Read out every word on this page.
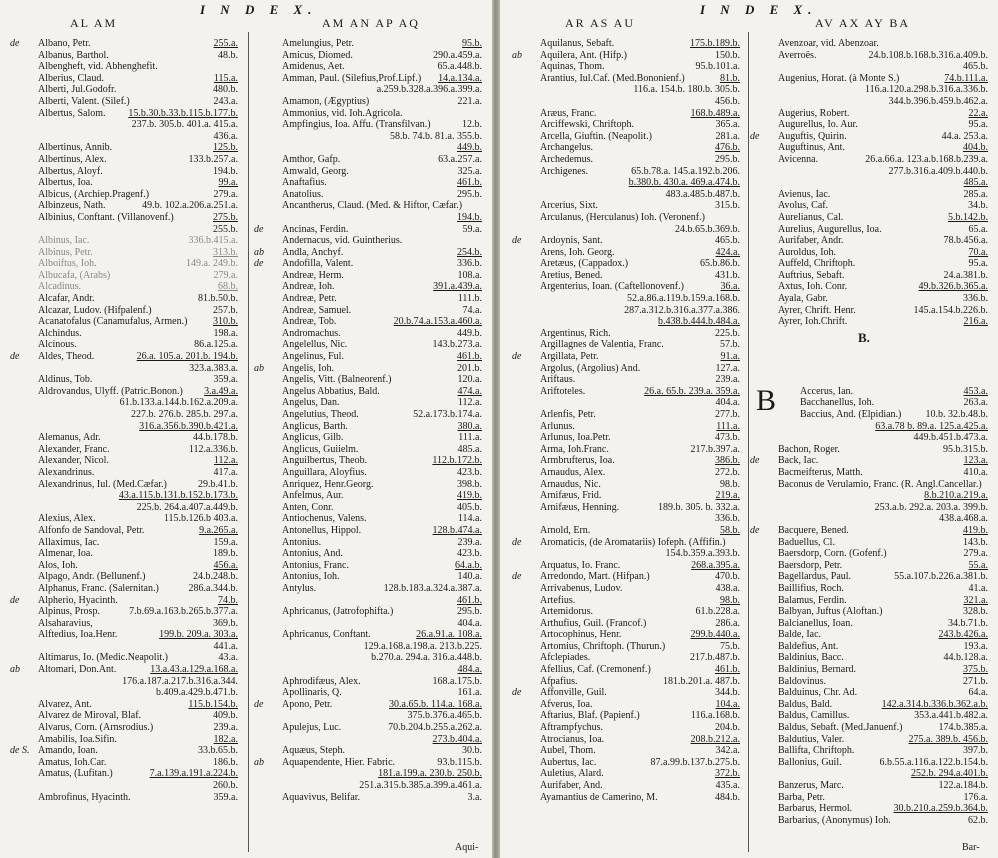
I N D E X.
AL AM	AM AN AP AQ
de	Albano, Petr.	255.a.
Albanus, Barthol.	48.b.
Albengheft, vid. Abhenghefit.
Alberius, Claud.	115.a.
Alberti, Jul.Godofr.	480.b.
Alberti, Valent. (Silef.)	243.a.
Albertus, Salom. 15.b.30.b.33.b.115.b.177.b.
237.b. 305.b. 401.a. 415.a.
436.a.
Albertinus, Annib.	125.b.
Albertinus, Alex.	133.b.257.a.
Albertus, Aloyf.	194.b.
Albertus, Ioa.	99.a.
Albicus, (Archiep.Pragenf.)	279.a.
Albinzeus, Nath.	49.b. 102.a.206.a.251.a.
Albinius, Conftant. (Villanovenf.)	275.b.
255.b.
Albinus, Iac.	336.b.415.a.
Albinus, Petr.	313.b.
Alboiftus, Ioh.	149.a. 249.b.
Albucafa, (Arabs)	279.a.
Alcadinus.	68.b.
Alcafar, Andr.	81.b.50.b.
Alcazar, Ludov. (Hifpalenf.)	257.b.
Acanatofalus (Canamufalus, Armen.)	310.b.
Alchindus.	198.a.
Alcinous.	86.a.125.a.
de	Aldes, Theod.	26.a. 105.a. 201.b. 194.b.
323.a.383.a.
Aldinus, Tob.	359.a.
Aldrovandus, Ulyff. (Patric.Bonon.) 3.a.49.a.
61.b.133.a.144.b.162.a.209.a.
227.b. 276.b. 285.b. 297.a.
316.a.356.b.390.b.421.a.
Alemanus, Adr.	44.b.178.b.
Alexander, Franc.	112.a.336.b.
Alexander, Nicol.	112.a.
Alexandrinus.	417.a.
Alexandrinus, Iul. (Med.Cæfar.)	29.b.41.b.
43.a.115.b.131.b.152.b.173.b.
225.b. 264.a.407.a.449.b.
Alexius, Alex.	115.b.126.b 403.a.
Alfonfo de Sandoval, Petr.	9.a.265.a.
Allaximus, Iac.	159.a.
Almenar, Ioa.	189.b.
Alos, Ioh.	456.a.
Alpago, Andr. (Bellunenf.)	24.b.248.b.
Alphanus, Franc. (Salernitan.)	286.a.344.b.
de	Alpherio, Hyacinth.	74.b.
Alpinus, Prosp.	7.b.69.a.163.b.265.b.377.a.
Alsaharavius,	369.b.
Alftedius, Ioa.Henr.	199.b. 209.a. 303.a.
441.a.
Altimarus, Io. (Medic.Neapolit.)	43.a.
ab	Altomari, Don.Ant.	13.a.43.a.129.a.168.a.
176.a.187.a.217.b.316.a.344.
b.409.a.429.b.471.b.
Alvarez, Ant.	115.b.154.b.
Alvarez de Miroval, Blaf.	409.b.
Alvarus, Corn. (Arnsrodius.)	239.a.
Amabilis, Ioa.Sifin.	182.a.
de S. Amando, Ioan.	33.b.65.b.
Amatus, Ioh.Car.	186.b.
Amatus, (Lufitan.)	7.a.139.a.191.a.224.b.
260.b.
Ambrofinus, Hyacinth.	359.a.
Amelungius, Petr.	95.b.
Amicus, Diomed.	290.a.459.a.
Amidenus, Aet.	65.a.448.b.
Amman, Paul. (Silefius,Prof.Lipf.) 14.a.134.a.
a.259.b.328.a.396.a.399.a.
Amamon, (Ægyptius)	221.a.
Ammonius, vid. Ioh.Agricola.
Ampfingius, Ioa. Affu. (Transfilvan.)	12.b.
58.b. 74.b. 81.a. 355.b.
449.b.
Amthor, Gafp.	63.a.257.a.
Amwald, Georg.	325.a.
Anaftafius.	461.b.
Anatolius.	295.b.
Ancantherus, Claud. (Med. & Hiftor, Cæfar.)
194.b.
de	Ancinas, Ferdin.	59.a.
Andernacus, vid. Guintherius.
ab	Andla, Anchyf.	254.b.
de	Andofilla, Valent.	336.b.
Andreæ, Herm.	108.a.
Andreæ, Ioh.	391.a.439.a.
Andreæ, Petr.	111.b.
Andreæ, Samuel.	74.a.
Andreæ, Tob.	20.b.74.a.153.a.460.a.
Andromachus.	449.b.
Angelellus, Nic.	143.b.273.a.
Angelinus, Ful.	461.b.
ab	Angelis, Ioh.	201.b.
Angelis, Vitt. (Balneorenf.)	120.a.
Angelus Abbatius, Bald.	474.a.
Angelus, Dan.	112.a.
Angelutius, Theod.	52.a.173.b.174.a.
Anglicus, Barth.	380.a.
Anglicus, Gilb.	111.a.
Anglicus, Guiielm.	485.a.
Anguilbertus, Theob.	112.b.172.b.
Anguillara, Aloyfius.	423.b.
Anriquez, Henr.Georg.	398.b.
Anfelmus, Aur.	419.b.
Anten, Conr.	405.b.
Antiochenus, Valens.	114.a.
Antonellus, Hippol.	128.b.474.a.
Antonius.	239.a.
Antonius, And.	423.b.
Antonius, Franc.	64.a.b.
Antonius, Ioh.	140.a.
Antylus.	128.b.183.a.324.a.387.a.
461.b.
Aphricanus, (Jatrofophifta.)	295.b.
404.a.
Aphricanus, Conftant.	26.a.91.a. 108.a.
129.a.168.a.198.a. 213.b.225.
b.270.a. 294.a. 316.a.448.b.
484.a.
Aphrodifæus, Alex.	168.a.175.b.
Apollinaris, Q.	161.a.
de	Apono, Petr.	30.a.65.b. 114.a. 168.a.
375.b.376.a.465.b.
Apulejus, Luc.	70.b.204.b.255.a.262.a.
273.b.404.a.
Aquæus, Steph.	30.b.
ab	Aquapendente, Hier. Fabric.	93.b.115.b.
181.a.199.a. 230.b. 250.b.
251.a.315.b.385.a.399.a.461.a.
Aquavivus, Belifar.	3.a.
Aqui-
I N D E X.
AR AS AU	AV AX AY BA
Aquilanus, Sebaft.	175.b.189.b.
ab	Aquilera, Ant. (Hifp.)	150.b.
Aquinas, Thom.	95.b.101.a.
Arantius, Iul.Caf. (Med.Bononienf.)	81.b.
116.a. 154.b. 180.b. 305.b.
456.b.
Aræus, Franc.	168.b.489.a.
Arciffewski, Chriftoph.	365.a.
Arcella, Giuftin. (Neapolit.)	281.a.
Archangelus.	476.b.
Archedemus.	295.b.
Archigenes.	65.b.78.a. 145.a.192.b.206.
b.380.b. 430.a. 469.a.474.b.
483.a.485.b.487.b.
Arcerius, Sixt.	315.b.
Arculanus, (Herculanus) Ioh. (Veronenf.)
24.b.65.b.369.b.
de	Ardoynis, Sant.	465.b.
Arens, Ioh. Georg.	424.a.
Aretæus, (Cappadox.)	65.b.86.b.
Aretius, Bened.	431.b.
Argenterius, Ioan. (Caftellonovenf.)	36.a.
52.a.86.a.119.b.159.a.168.b.
287.a.312.b.316.a.377.a.386.
b.438.b.444.b.484.a.
Argentinus, Rich.	225.b.
Argillagnes de Valentia, Franc.	57.b.
de	Argillata, Petr.	91.a.
Argolus, (Argolius) And.	127.a.
Ariftaus.	239.a.
Ariftoteles.	26.a. 65.b. 239.a. 359.a.
404.a.
Arlenfis, Petr.	277.b.
Arlunus.	111.a.
Arlunus, Ioa.Petr.	473.b.
Arma, Ioh.Franc.	217.b.397.a.
Armbrufterus, Ioa.	386.b.
Arnaudus, Alex.	272.b.
Arnaudus, Nic.	98.b.
Arnifæus, Frid.	219.a.
Arnifæus, Henning.	189.b. 305. b. 332.a.
336.b.
Arnold, Ern.	58.b.
de	Aromaticis, (de Aromatariis) Iofeph. (Affifin.)
154.b.359.a.393.b.
Arquatus, Io. Franc.	268.a.395.a.
de	Arredondo, Mart. (Hifpan.)	470.b.
Arrivabenus, Ludov.	438.a.
Artefius.	98.b.
Artemidorus.	61.b.228.a.
Arthufius, Guil. (Francof.)	286.a.
Artocophinus, Henr.	299.b.440.a.
Artomius, Chriftoph. (Thurun.)	75.b.
Afclepiades.	217.b.487.b.
Afellius, Caf. (Cremonenf.)	461.b.
Afpafius.	181.b.201.a. 487.b.
de	Affonville, Guil.	344.b.
Afverus, Ioa.	104.a.
Aftarius, Blaf. (Papienf.)	116.a.168.b.
Aftrampfychus.	204.b.
Atrocianus, Ioa.	208.b.212.a.
Aubel, Thom.	342.a.
Aubertus, Iac.	87.a.99.b.137.b.275.b.
Auletius, Alard.	372.b.
Aurifaber, And.	435.a.
Ayamantius de Camerino, M.	484.b.
Avenzoar, vid. Abenzoar.
Averroës.	24.b.108.b.168.b.316.a.409.b.
465.b.
Augenius, Horat. (à Monte S.)	74.b.111.a.
116.a.120.a.298.b.316.a.336.b.
344.b.396.b.459.b.462.a.
Augerius, Robert.	22.a.
Augurellus, Io. Aur.	95.a.
de	Auguftis, Quirin.	44.a. 253.a.
Auguftinus, Ant.	404.b.
Avicenna.	26.a.66.a. 123.a.b.168.b.239.a.
277.b.316.a.409.b.440.b.
485.a.
Avienus, Iac.	285.a.
Avolus, Caf.	34.b.
Aurelianus, Cal.	5.b.142.b.
Aurelius, Augurellus, Ioa.	65.a.
Aurifaber, Andr.	78.b.456.a.
Auroldus, Ioh.	70.a.
Auffeld, Chriftoph.	95.a.
Auftrius, Sebaft.	24.a.381.b.
Axtus, Ioh. Conr.	49.b.326.b.365.a.
Ayala, Gabr.	336.b.
Ayrer, Chrift. Henr.	145.a.154.b.226.b.
Ayrer, Ioh.Chrift.	216.a.
Accerus, Ian.	453.a.
Bacchanellus, Ioh.	263.a.
Baccius, And. (Elpidian.) 10.b. 32.b.48.b.
63.a.78 b. 89.a. 125.a.425.a.
449.b.451.b.473.a.
Bachon, Roger.	95.b.315.b.
de	Back, Iac.	123.a.
Bacmeifterus, Matth.	410.a.
Baconus de Verulamio, Franc. (R. Angl.Cancellar.)
8.b.210.a.219.a.
253.a.b. 292.a. 203.a. 399.b.
438.a.468.a.
de	Bacquere, Bened.	419.b.
Baduellus, Cl.	143.b.
Baersdorp, Corn. (Gofenf.)	279.a.
Baersdorp, Petr.	55.a.
Bagellardus, Paul.	55.a.107.b.226.a.381.b.
Baillifius, Roch.	41.a.
Balamus, Ferdin.	321.a.
Balbyan, Juftus (Aloftan.)	328.b.
Balcianellus, Ioan.	34.b.71.b.
Balde, Iac.	243.b.426.a.
Baldefius, Ant.	193.a.
Baldinius, Bacc.	44.b.128.a.
Baldinius, Bernard.	375.b.
Baldovinus.	271.b.
Balduinus, Chr. Ad.	64.a.
Baldus, Bald.	142.a.314.b.336.b.362.a.b.
Baldus, Camillus.	353.a.441.b.482.a.
Baldus, Sebaft. (Med.Januenf.)	174.b.385.a.
Baldutius, Valer.	275.a. 389.b. 456.b.
Ballifta, Chriftoph.	397.b.
Ballonius, Guil.	6.b.55.a.116.a.122.b.154.b.
252.b. 294.a.401.b.
Banzerus, Marc.	122.a.184.b.
Barba, Petr.	176.a.
Barbarus, Hermol.	30.b.210.a.259.b.364.b.
Barbarius, (Anonymus) Ioh.	62.b.
B.
B
Bar-
